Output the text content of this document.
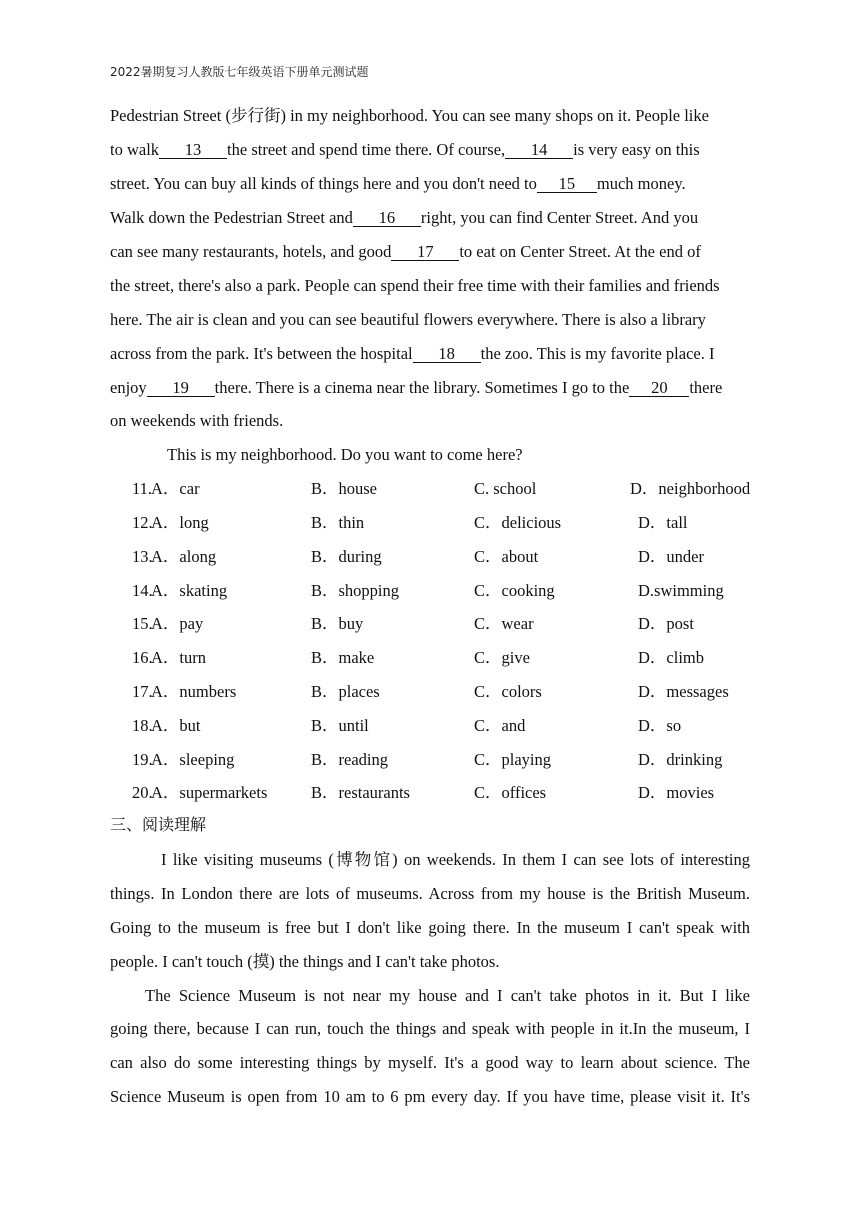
2022暑期复习人教版七年级英语下册单元测试题
Pedestrian Street (步行街) in my neighborhood. You can see many shops on it. People like
to walk 13 the street and spend time there. Of course, 14 is very easy on this
street. You can buy all kinds of things here and you don't need to 15 much money.
Walk down the Pedestrian Street and 16 right, you can find Center Street. And you
can see many restaurants, hotels, and good 17 to eat on Center Street. At the end of
the street, there's also a park. People can spend their free time with their families and friends
here. The air is clean and you can see beautiful flowers everywhere. There is also a library
across from the park. It's between the hospital 18 the zoo. This is my favorite place. I
enjoy 19 there. There is a cinema near the library. Sometimes I go to the 20 there
on weekends with friends.
This is my neighborhood. Do you want to come here?
11.
A．car	B．house	C. school	D．neighborhood
12.
A．long	B．thin	C．delicious	D．tall
13.
A．along	B．during	C．about	D．under
14.
A．skating	B．shopping	C．cooking	D.swimming
15.
A．pay	B．buy	C．wear	D．post
16.
A．turn	B．make	C．give	D．climb
17.
A．numbers	B．places	C．colors	D．messages
18.
A．but	B．until	C．and	D．so
19.
A．sleeping	B．reading	C．playing	D．drinking
20.
A．supermarkets	B．restaurants	C．offices	D．movies
三、阅读理解
I like visiting museums (博物馆) on weekends. In them I can see lots of interesting
things. In London there are lots of museums. Across from my house is the British Museum.
Going to the museum is free but I don't like going there. In the museum I can't speak with
people. I can't touch (摸) the things and I can't take photos.
The Science Museum is not near my house and I can't take photos in it. But I like
going there, because I can run, touch the things and speak with people in it.In the museum, I
can also do some interesting things by myself. It's a good way to learn about science. The
Science Museum is open from 10 am to 6 pm every day. If you have time, please visit it. It's
